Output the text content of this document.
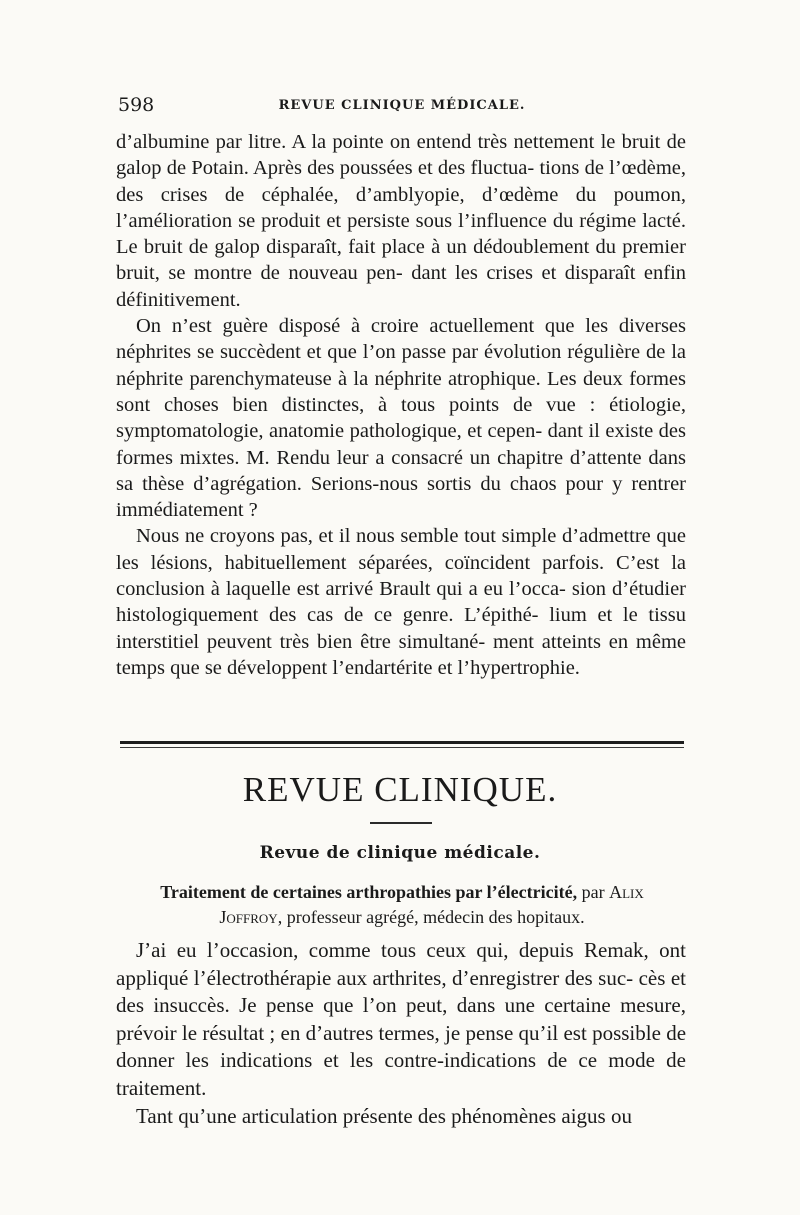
598	REVUE CLINIQUE MÉDICALE.

d’albumine par litre. A la pointe on entend très nettement le bruit de galop de Potain. Après des poussées et des fluctua- tions de l’œdème, des crises de céphalée, d’amblyopie, d’œdème du poumon, l’amélioration se produit et persiste sous l’influence du régime lacté. Le bruit de galop disparaît, fait place à un dédoublement du premier bruit, se montre de nouveau pen- dant les crises et disparaît enfin définitivement.

On n’est guère disposé à croire actuellement que les diverses néphrites se succèdent et que l’on passe par évolution régulière de la néphrite parenchymateuse à la néphrite atrophique. Les deux formes sont choses bien distinctes, à tous points de vue : étiologie, symptomatologie, anatomie pathologique, et cepen- dant il existe des formes mixtes. M. Rendu leur a consacré un chapitre d’attente dans sa thèse d’agrégation. Serions-nous sortis du chaos pour y rentrer immédiatement ?

Nous ne croyons pas, et il nous semble tout simple d’admettre que les lésions, habituellement séparées, coïncident parfois. C’est la conclusion à laquelle est arrivé Brault qui a eu l’occa- sion d’étudier histologiquement des cas de ce genre. L’épithé- lium et le tissu interstitiel peuvent très bien être simultané- ment atteints en même temps que se développent l’endartérite et l’hypertrophie.

REVUE CLINIQUE.
Revue de clinique médicale.
Traitement de certaines arthropathies par l’électricité, par Alix
Joffroy, professeur agrégé, médecin des hopitaux.

J’ai eu l’occasion, comme tous ceux qui, depuis Remak, ont appliqué l’électrothérapie aux arthrites, d’enregistrer des suc- cès et des insuccès. Je pense que l’on peut, dans une certaine mesure, prévoir le résultat ; en d’autres termes, je pense qu’il est possible de donner les indications et les contre-indications de ce mode de traitement.

Tant qu’une articulation présente des phénomènes aigus ou
